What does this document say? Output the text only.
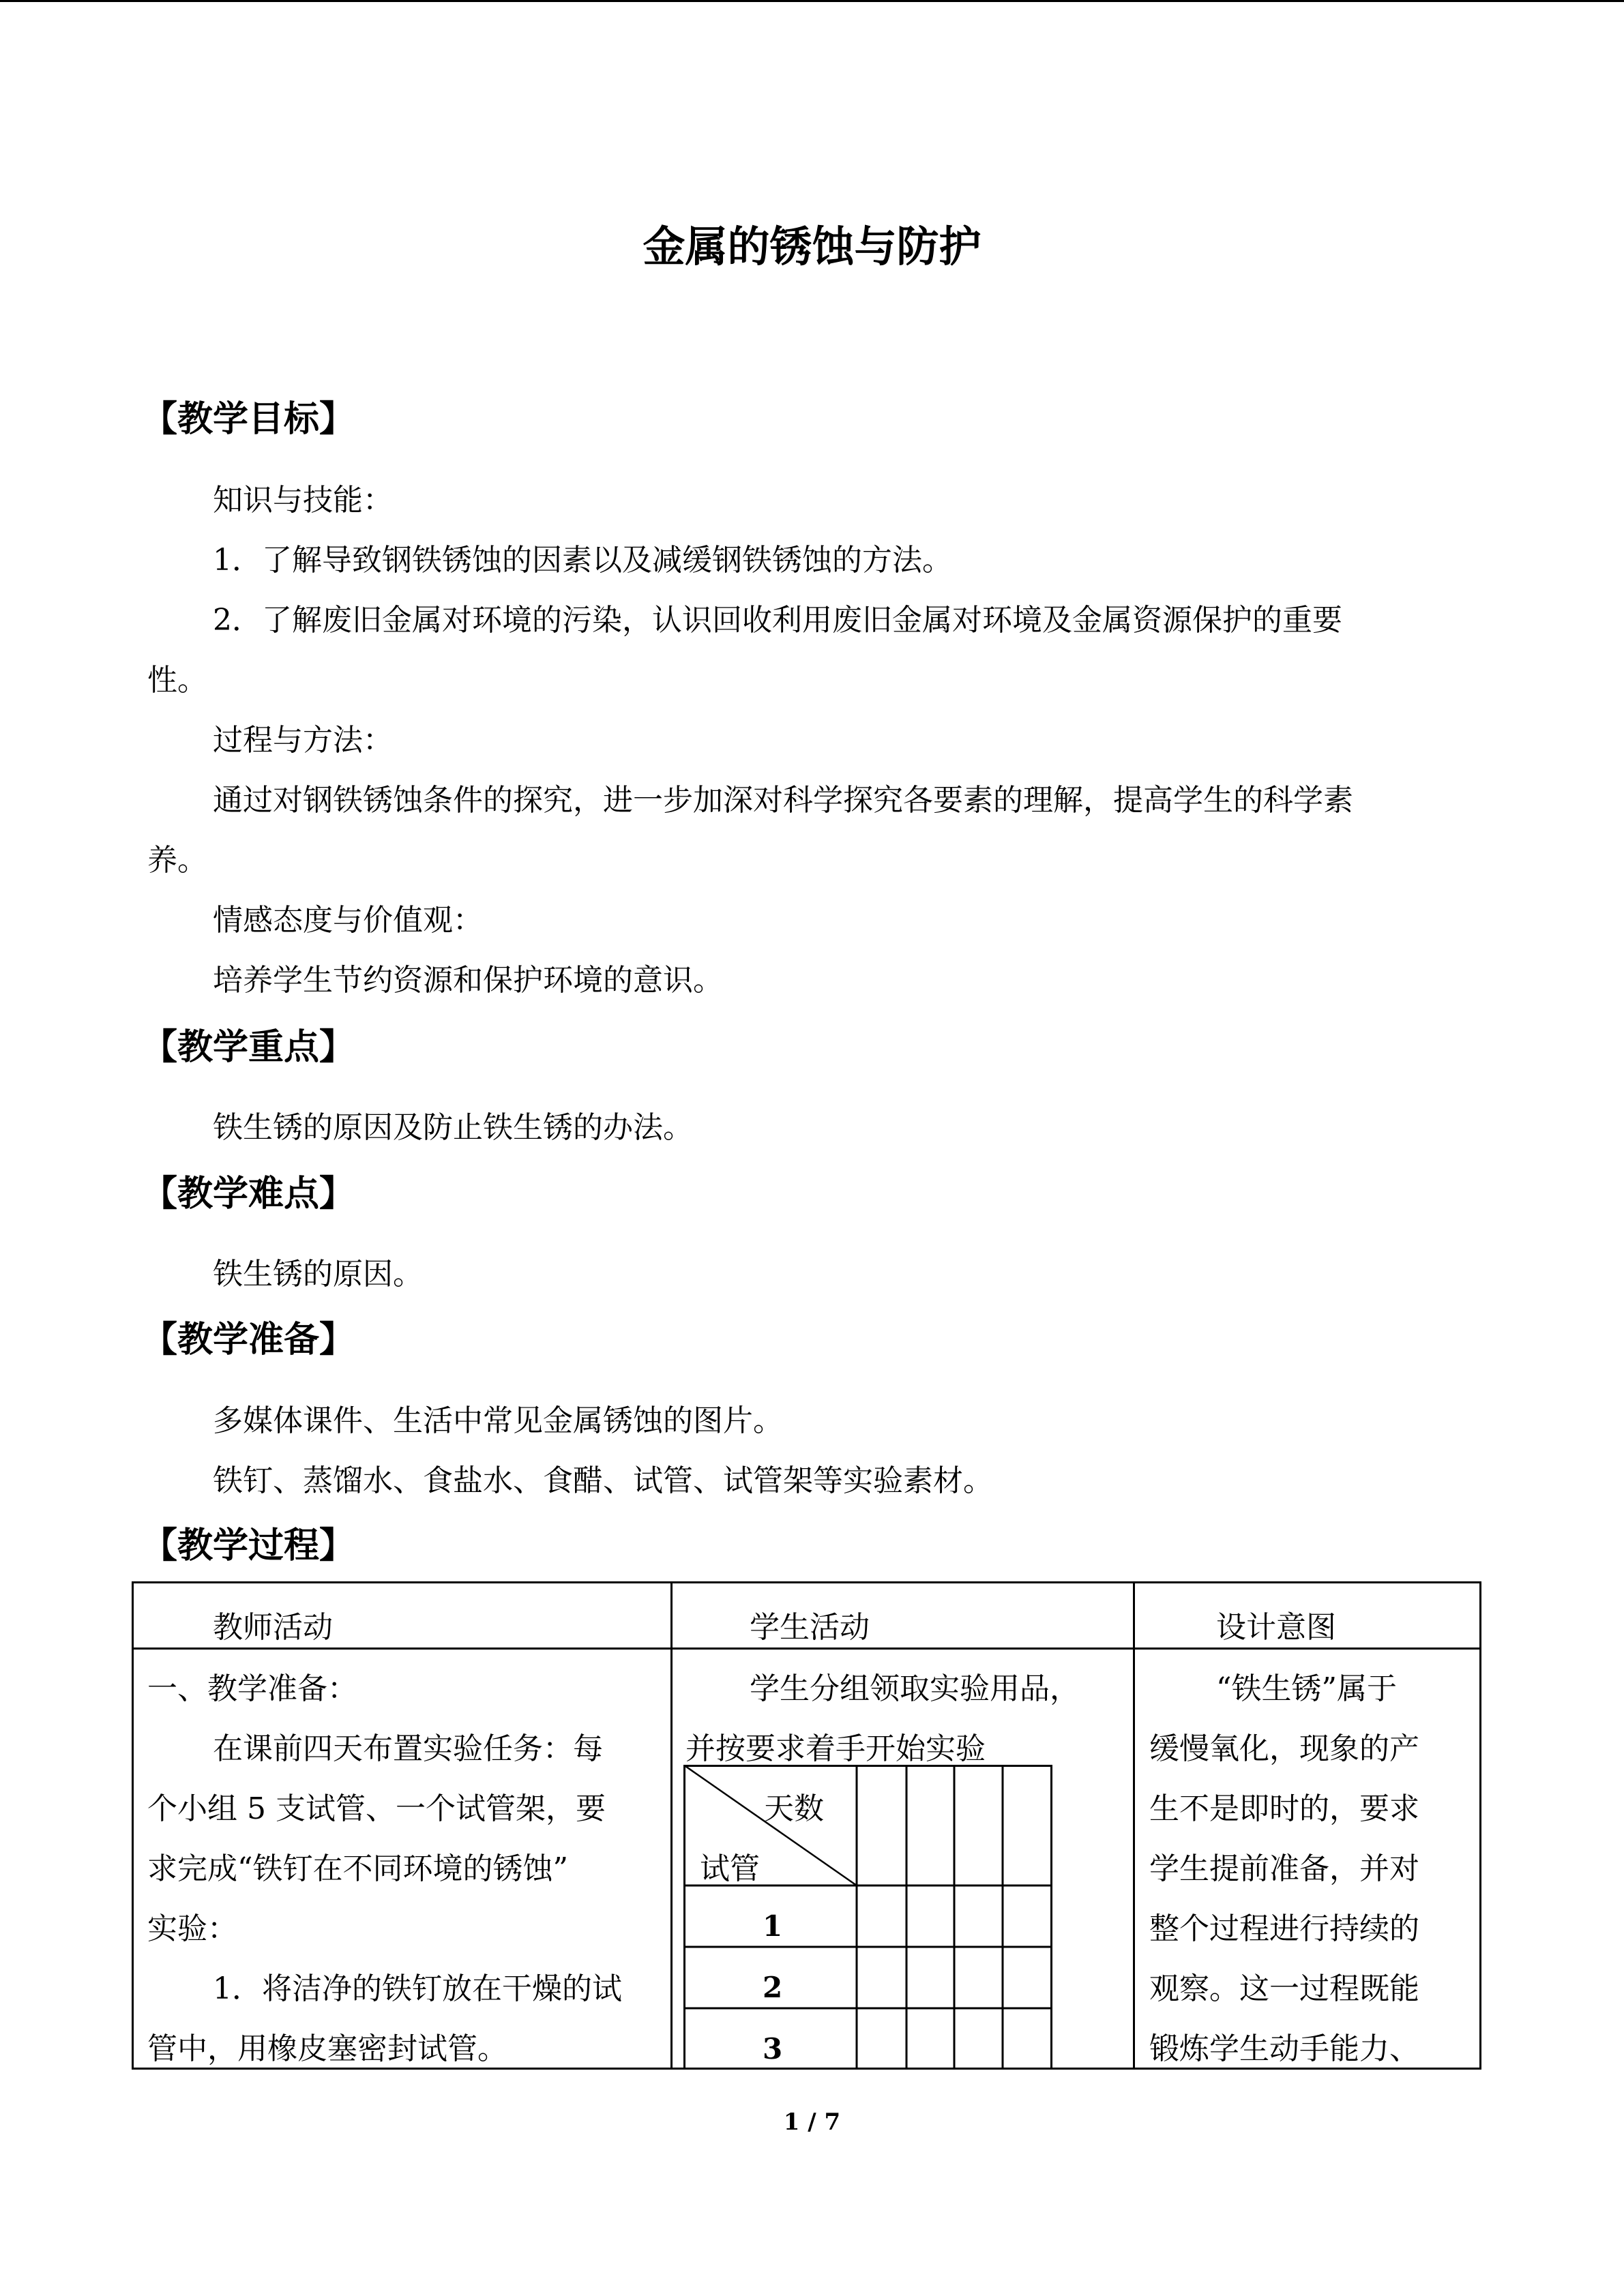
金属的锈蚀与防护
【教学目标】
知识与技能：
1．了解导致钢铁锈蚀的因素以及减缓钢铁锈蚀的方法。
2．了解废旧金属对环境的污染，认识回收利用废旧金属对环境及金属资源保护的重要
性。
过程与方法：
通过对钢铁锈蚀条件的探究，进一步加深对科学探究各要素的理解，提高学生的科学素
养。
情感态度与价值观：
培养学生节约资源和保护环境的意识。
【教学重点】
铁生锈的原因及防止铁生锈的办法。
【教学难点】
铁生锈的原因。
【教学准备】
多媒体课件、生活中常见金属锈蚀的图片。
铁钉、蒸馏水、食盐水、食醋、试管、试管架等实验素材。
【教学过程】
教师活动	学生活动	设计意图
一、教学准备：
在课前四天布置实验任务：每
个小组 5 支试管、一个试管架，要
求完成“铁钉在不同环境的锈蚀”
实验：
1．将洁净的铁钉放在干燥的试
管中，用橡皮塞密封试管。
学生分组领取实验用品，
并按要求着手开始实验
天数
试管
1
2
3
“铁生锈”属于
缓慢氧化，现象的产
生不是即时的，要求
学生提前准备，并对
整个过程进行持续的
观察。这一过程既能
锻炼学生动手能力、
1 / 7
